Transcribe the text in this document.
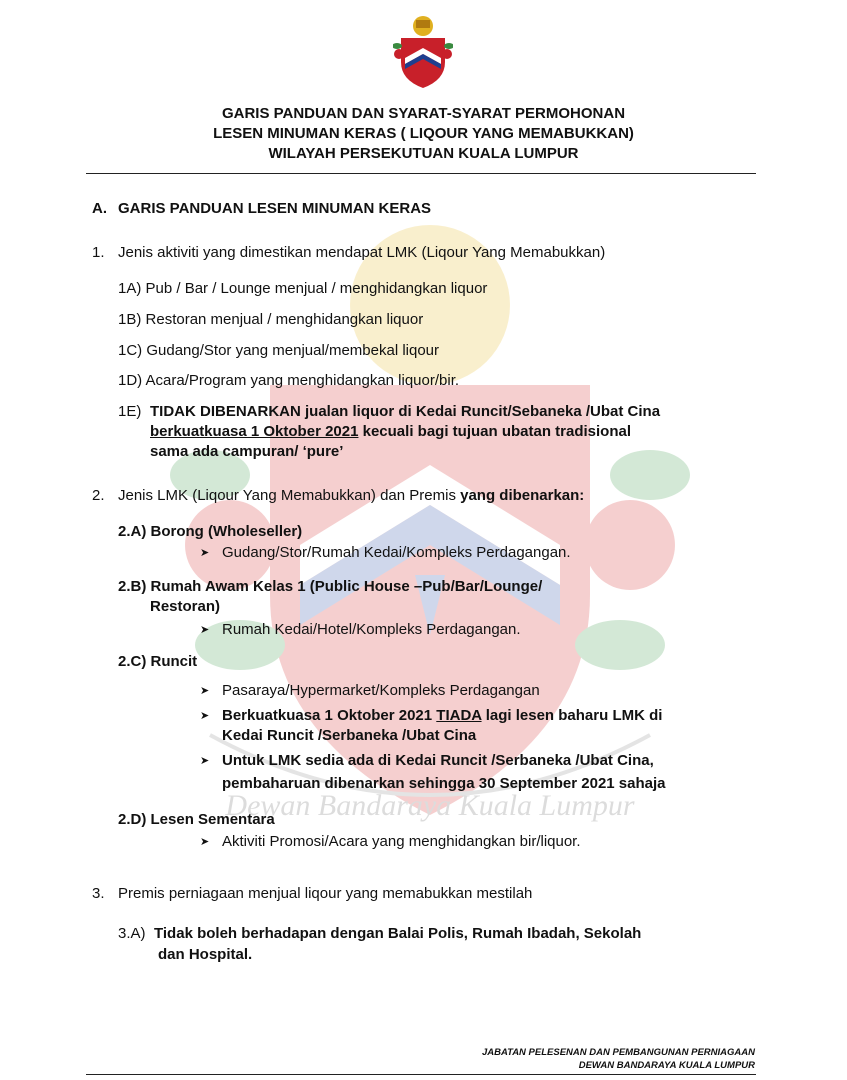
Dewan Bandaraya Kuala Lumpur
GARIS PANDUAN DAN SYARAT-SYARAT PERMOHONAN
LESEN MINUMAN KERAS ( LIQOUR YANG MEMABUKKAN)
WILAYAH PERSEKUTUAN KUALA LUMPUR
A. GARIS PANDUAN LESEN MINUMAN KERAS
1. Jenis aktiviti yang dimestikan mendapat LMK (Liqour Yang Memabukkan)
1A) Pub / Bar / Lounge menjual / menghidangkan liquor
1B) Restoran menjual / menghidangkan liquor
1C) Gudang/Stor yang menjual/membekal liqour
1D) Acara/Program yang menghidangkan liquor/bir.
1E) TIDAK DIBENARKAN jualan liquor di Kedai Runcit/Sebaneka /Ubat Cina
berkuatkuasa 1 Oktober 2021 kecuali bagi tujuan ubatan tradisional
sama ada campuran/ ‘pure’
2. Jenis LMK (Liqour Yang Memabukkan) dan Premis yang dibenarkan:
2.A) Borong (Wholeseller)
➤ Gudang/Stor/Rumah Kedai/Kompleks Perdagangan.
2.B) Rumah Awam Kelas 1 (Public House –Pub/Bar/Lounge/
Restoran)
➤ Rumah Kedai/Hotel/Kompleks Perdagangan.
2.C) Runcit
➤ Pasaraya/Hypermarket/Kompleks Perdagangan
➤ Berkuatkuasa 1 Oktober 2021 TIADA lagi lesen baharu LMK di
Kedai Runcit /Serbaneka /Ubat Cina
➤ Untuk LMK sedia ada di Kedai Runcit /Serbaneka /Ubat Cina,
pembaharuan dibenarkan sehingga 30 September 2021 sahaja
2.D) Lesen Sementara
➤ Aktiviti Promosi/Acara yang menghidangkan bir/liquor.
3. Premis perniagaan menjual liqour yang memabukkan mestilah
3.A) Tidak boleh berhadapan dengan Balai Polis, Rumah Ibadah, Sekolah
dan Hospital.
JABATAN PELESENAN DAN PEMBANGUNAN PERNIAGAAN
DEWAN BANDARAYA KUALA LUMPUR
